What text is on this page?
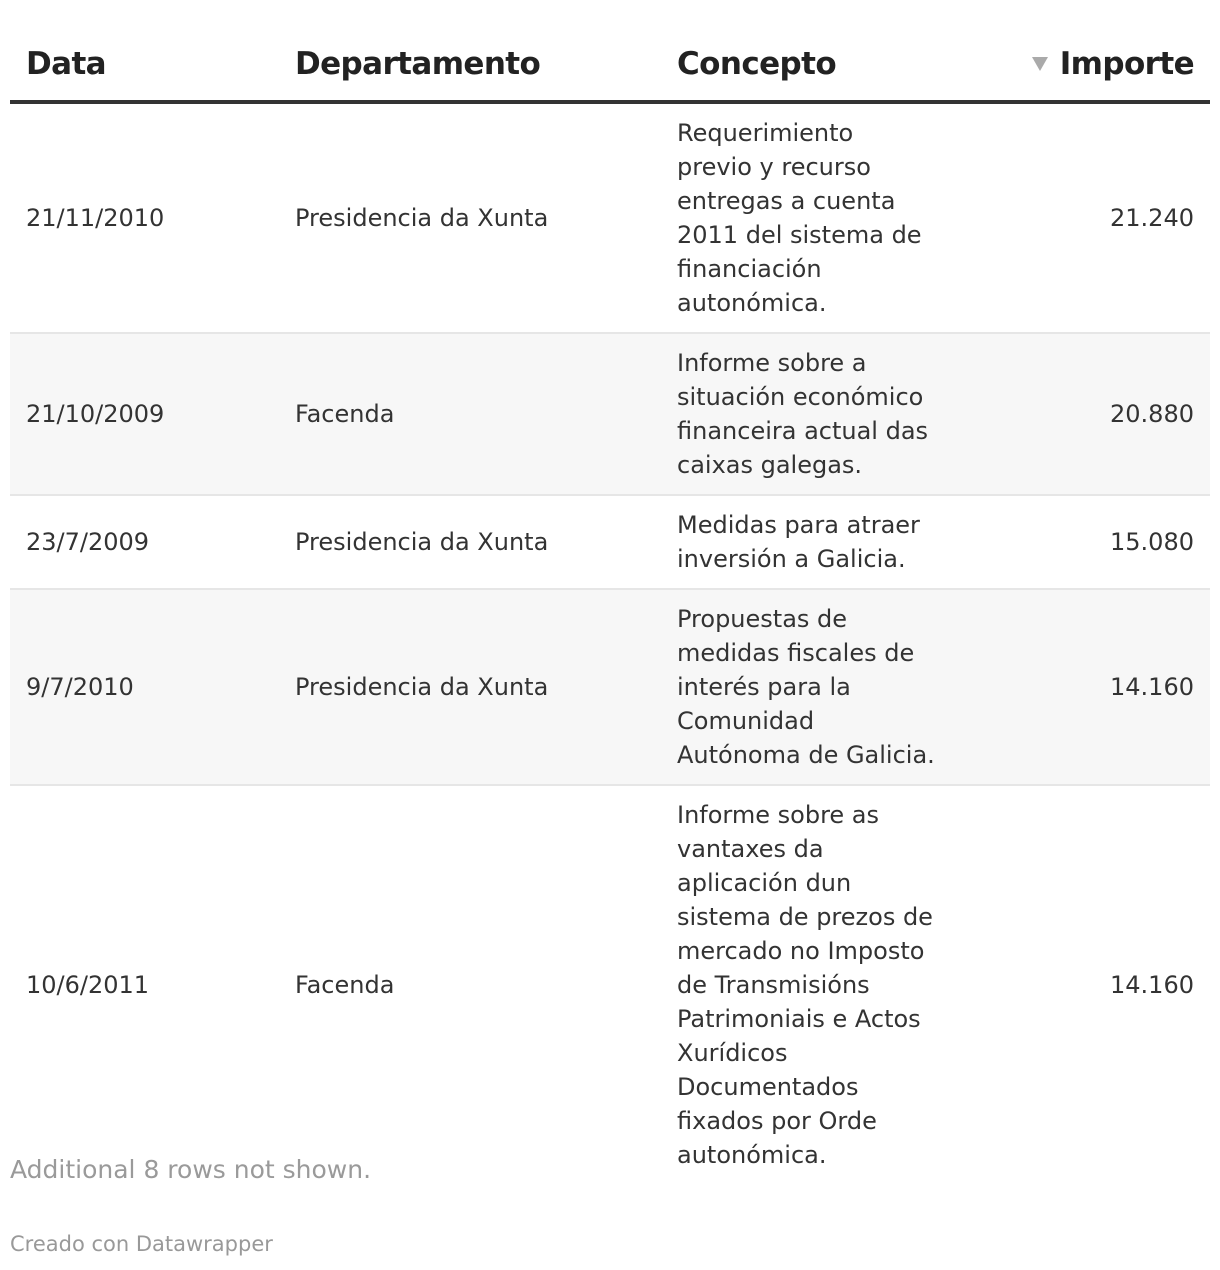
Data	Departamento	Concepto	Importe
21/11/2010	Presidencia da Xunta	Requerimiento previo y recurso entregas a cuenta 2011 del sistema de financiación autonómica.	21.240
21/10/2009	Facenda	Informe sobre a situación económico financeira actual das caixas galegas.	20.880
23/7/2009	Presidencia da Xunta	Medidas para atraer inversión a Galicia.	15.080
9/7/2010	Presidencia da Xunta	Propuestas de medidas fiscales de interés para la Comunidad Autónoma de Galicia.	14.160
10/6/2011	Facenda	Informe sobre as vantaxes da aplicación dun sistema de prezos de mercado no Imposto de Transmisións Patrimoniais e Actos Xurídicos Documentados fixados por Orde autonómica.	14.160
Additional 8 rows not shown.
Creado con Datawrapper
